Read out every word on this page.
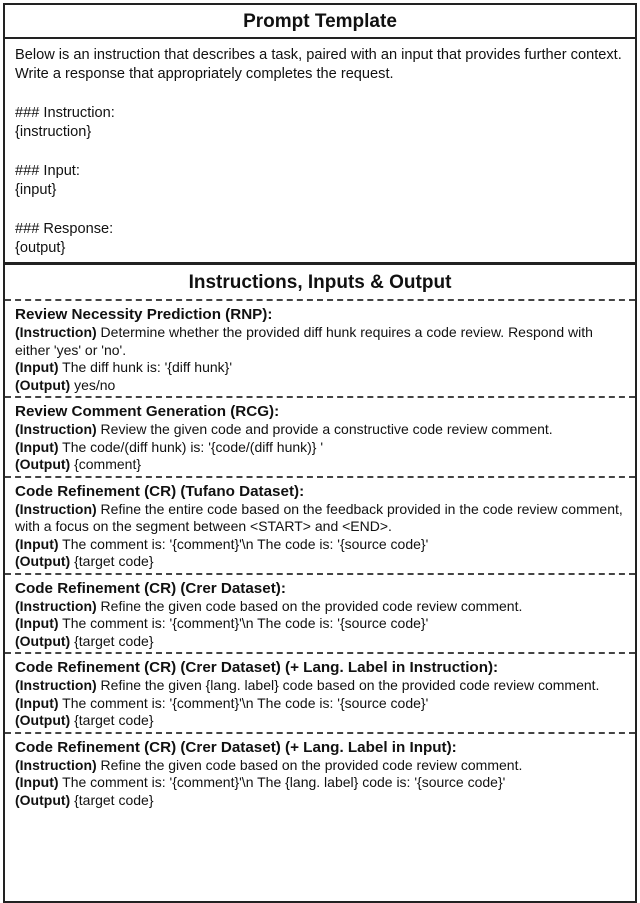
Prompt Template

Below is an instruction that describes a task, paired with an input that provides further context. Write a response that appropriately completes the request.

### Instruction:

{instruction}

### Input:

{input}

### Response:

{output}

Instructions, Inputs & Output
Review Necessity Prediction (RNP):

(Instruction) Determine whether the provided diff hunk requires a code review. Respond with either 'yes' or 'no'.

(Input) The diff hunk is: '{diff hunk}'

(Output) yes/no

Review Comment Generation (RCG):

(Instruction) Review the given code and provide a constructive code review comment.

(Input) The code/(diff hunk) is: '{code/(diff hunk)} '

(Output) {comment}

Code Refinement (CR) (Tufano Dataset):

(Instruction) Refine the entire code based on the feedback provided in the code review comment, with a focus on the segment between <START> and <END>.

(Input) The comment is: '{comment}'\n The code is: '{source code}'

(Output) {target code}

Code Refinement (CR) (Crer Dataset):

(Instruction) Refine the given code based on the provided code review comment.

(Input) The comment is: '{comment}'\n The code is: '{source code}'

(Output) {target code}

Code Refinement (CR) (Crer Dataset) (+ Lang. Label in Instruction):

(Instruction) Refine the given {lang. label} code based on the provided code review comment.

(Input) The comment is: '{comment}'\n The code is: '{source code}'

(Output) {target code}

Code Refinement (CR) (Crer Dataset) (+ Lang. Label in Input):

(Instruction) Refine the given code based on the provided code review comment.

(Input) The comment is: '{comment}'\n The {lang. label} code is: '{source code}'

(Output) {target code}
